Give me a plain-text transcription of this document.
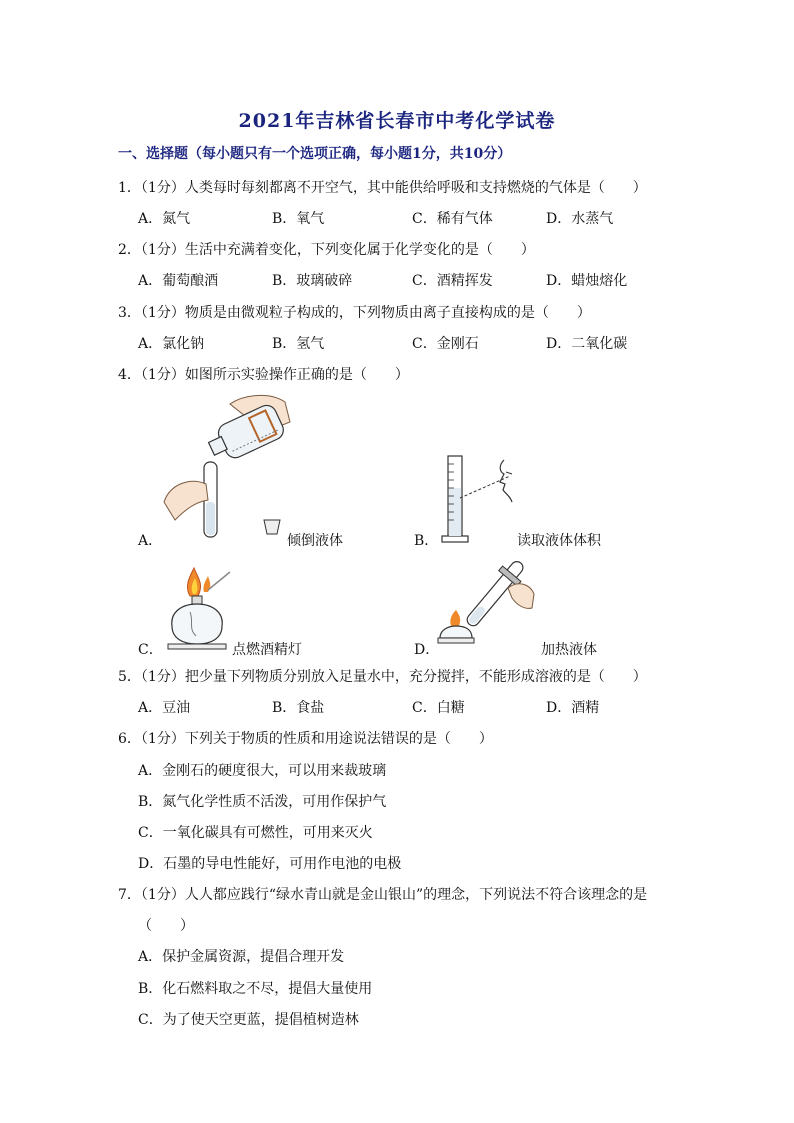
2021年吉林省长春市中考化学试卷
一、选择题（每小题只有一个选项正确，每小题1分，共10分）
1．（1分）人类每时每刻都离不开空气，其中能供给呼吸和支持燃烧的气体是（　　）
A．氮气	B．氧气	C．稀有气体	D．水蒸气
2．（1分）生活中充满着变化，下列变化属于化学变化的是（　　）
A．葡萄酿酒	B．玻璃破碎	C．酒精挥发	D．蜡烛熔化
3．（1分）物质是由微观粒子构成的，下列物质由离子直接构成的是（　　）
A．氯化钠	B．氢气	C．金刚石	D．二氧化碳
4．（1分）如图所示实验操作正确的是（　　）
A．	倾倒液体	B．	读取液体体积
C．	点燃酒精灯	D．	加热液体
5．（1分）把少量下列物质分别放入足量水中，充分搅拌，不能形成溶液的是（　　）
A．豆油	B．食盐	C．白糖	D．酒精
6．（1分）下列关于物质的性质和用途说法错误的是（　　）
A．金刚石的硬度很大，可以用来裁玻璃
B．氮气化学性质不活泼，可用作保护气
C．一氧化碳具有可燃性，可用来灭火
D．石墨的导电性能好，可用作电池的电极
7．（1分）人人都应践行“绿水青山就是金山银山”的理念，下列说法不符合该理念的是
（　　）
A．保护金属资源，提倡合理开发
B．化石燃料取之不尽，提倡大量使用
C．为了使天空更蓝，提倡植树造林
